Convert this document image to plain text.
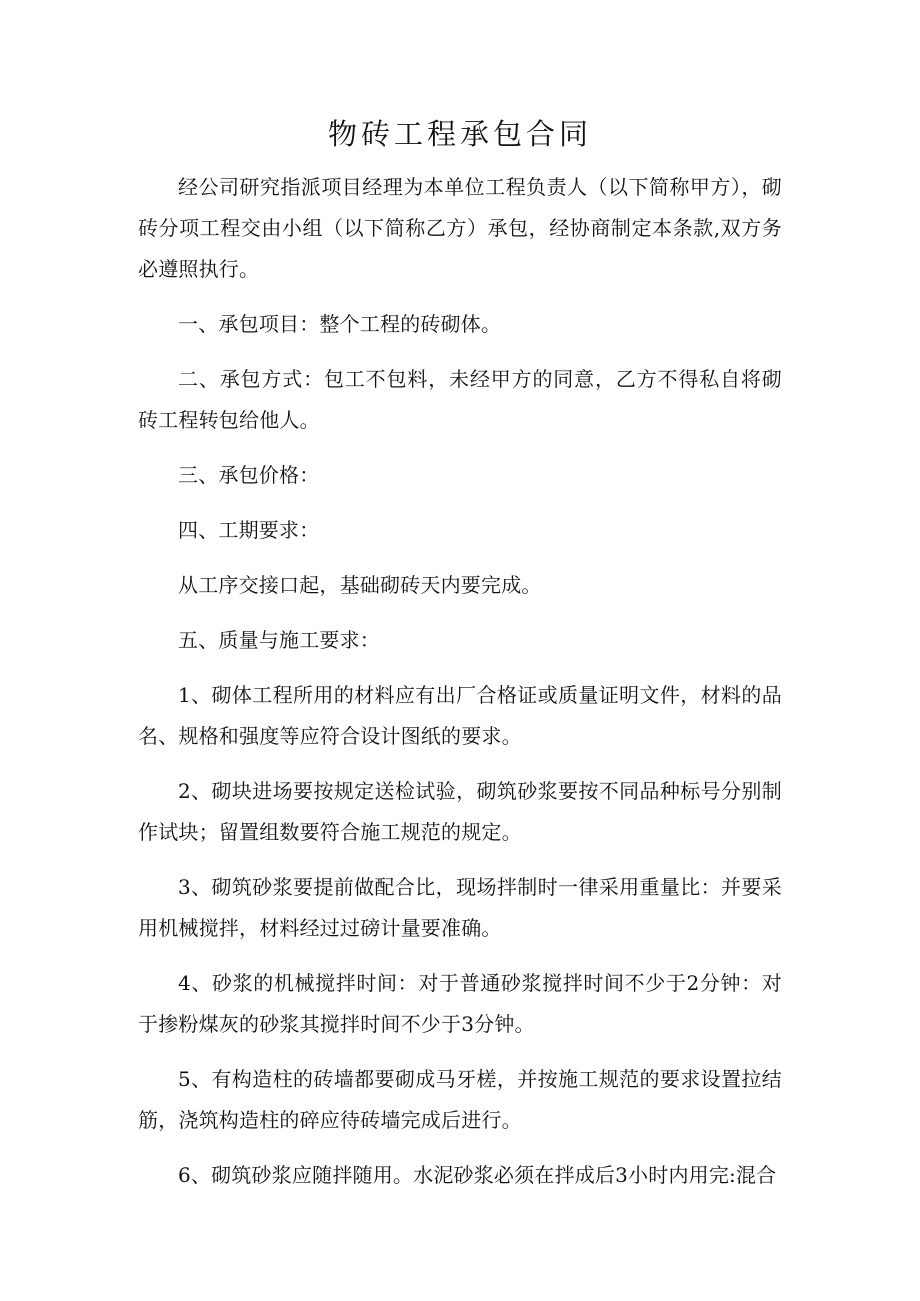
物砖工程承包合同

经公司研究指派项目经理为本单位工程负责人（以下简称甲方），砌砖分项工程交由小组（以下简称乙方）承包，经协商制定本条款,双方务必遵照执行。

一、承包项目：整个工程的砖砌体。

二、承包方式：包工不包料，未经甲方的同意，乙方不得私自将砌砖工程转包给他人。

三、承包价格：

四、工期要求：

从工序交接口起，基础砌砖天内要完成。

五、质量与施工要求：

1、砌体工程所用的材料应有出厂合格证或质量证明文件，材料的品名、规格和强度等应符合设计图纸的要求。

2、砌块进场要按规定送检试验，砌筑砂浆要按不同品种标号分别制作试块；留置组数要符合施工规范的规定。

3、砌筑砂浆要提前做配合比，现场拌制时一律采用重量比：并要采用机械搅拌，材料经过过磅计量要准确。

4、砂浆的机械搅拌时间：对于普通砂浆搅拌时间不少于2分钟：对于掺粉煤灰的砂浆其搅拌时间不少于3分钟。

5、有构造柱的砖墙都要砌成马牙槎，并按施工规范的要求设置拉结筋，浇筑构造柱的碎应待砖墙完成后进行。

6、砌筑砂浆应随拌随用。水泥砂浆必须在拌成后3小时内用完:混合
